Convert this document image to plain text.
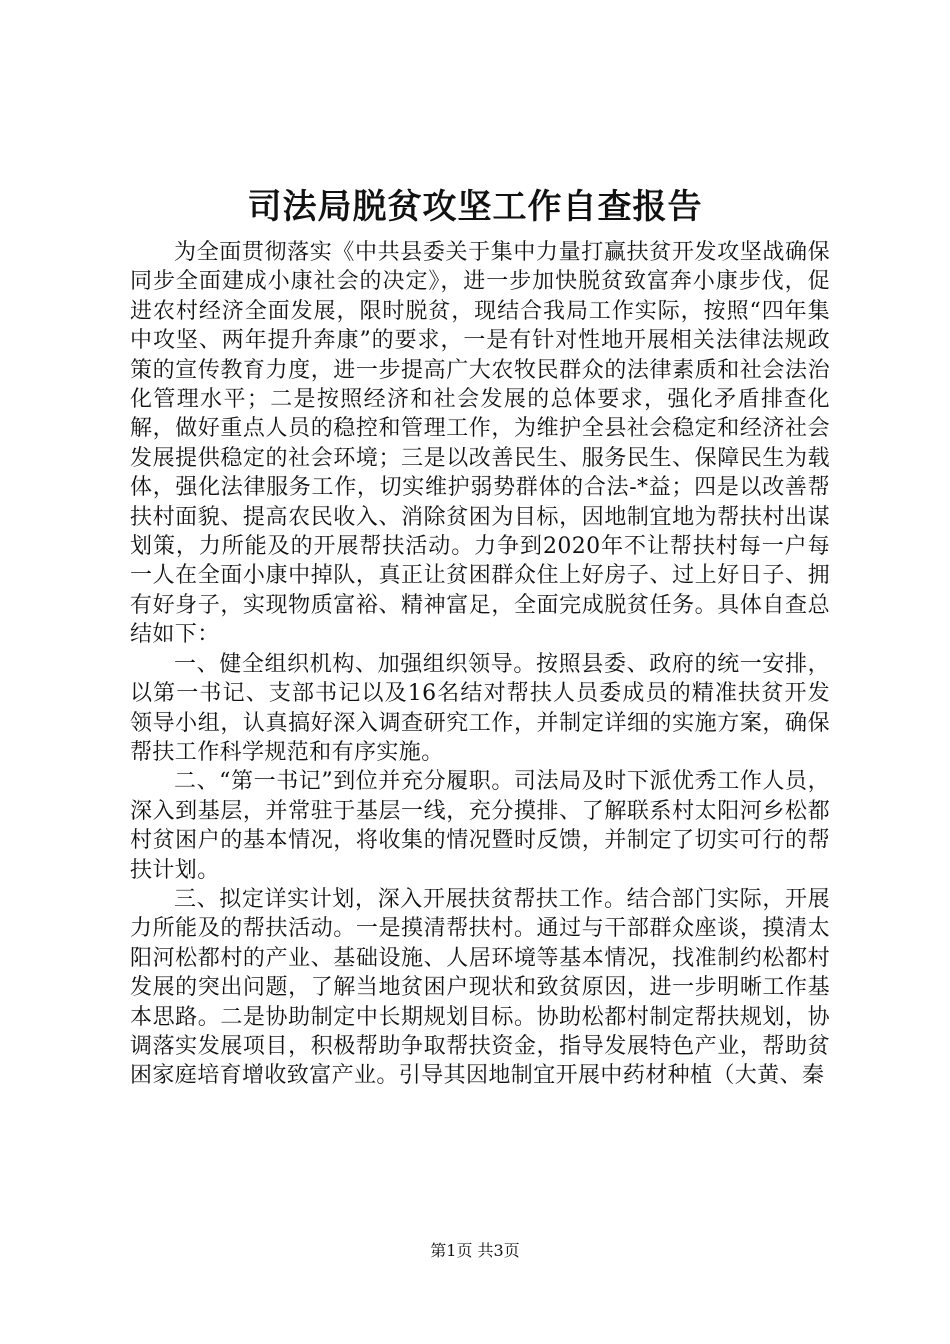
司法局脱贫攻坚工作自查报告

为全面贯彻落实《中共县委关于集中力量打赢扶贫开发攻坚战确保同步全面建成小康社会的决定》，进一步加快脱贫致富奔小康步伐，促进农村经济全面发展，限时脱贫，现结合我局工作实际，按照“四年集中攻坚、两年提升奔康”的要求，一是有针对性地开展相关法律法规政策的宣传教育力度，进一步提高广大农牧民群众的法律素质和社会法治化管理水平；二是按照经济和社会发展的总体要求，强化矛盾排查化解，做好重点人员的稳控和管理工作，为维护全县社会稳定和经济社会发展提供稳定的社会环境；三是以改善民生、服务民生、保障民生为载体，强化法律服务工作，切实维护弱势群体的合法-*益；四是以改善帮扶村面貌、提高农民收入、消除贫困为目标，因地制宜地为帮扶村出谋划策，力所能及的开展帮扶活动。力争到2020年不让帮扶村每一户每一人在全面小康中掉队，真正让贫困群众住上好房子、过上好日子、拥有好身子，实现物质富裕、精神富足，全面完成脱贫任务。具体自查总结如下：

一、健全组织机构、加强组织领导。按照县委、政府的统一安排，以第一书记、支部书记以及16名结对帮扶人员委成员的精准扶贫开发领导小组，认真搞好深入调查研究工作，并制定详细的实施方案，确保帮扶工作科学规范和有序实施。

二、“第一书记”到位并充分履职。司法局及时下派优秀工作人员，深入到基层，并常驻于基层一线，充分摸排、了解联系村太阳河乡松都村贫困户的基本情况，将收集的情况暨时反馈，并制定了切实可行的帮扶计划。

三、拟定详实计划，深入开展扶贫帮扶工作。结合部门实际，开展力所能及的帮扶活动。一是摸清帮扶村。通过与干部群众座谈，摸清太阳河松都村的产业、基础设施、人居环境等基本情况，找准制约松都村发展的突出问题，了解当地贫困户现状和致贫原因，进一步明晰工作基本思路。二是协助制定中长期规划目标。协助松都村制定帮扶规划，协调落实发展项目，积极帮助争取帮扶资金，指导发展特色产业，帮助贫困家庭培育增收致富产业。引导其因地制宜开展中药材种植（大黄、秦

第1页 共3页
